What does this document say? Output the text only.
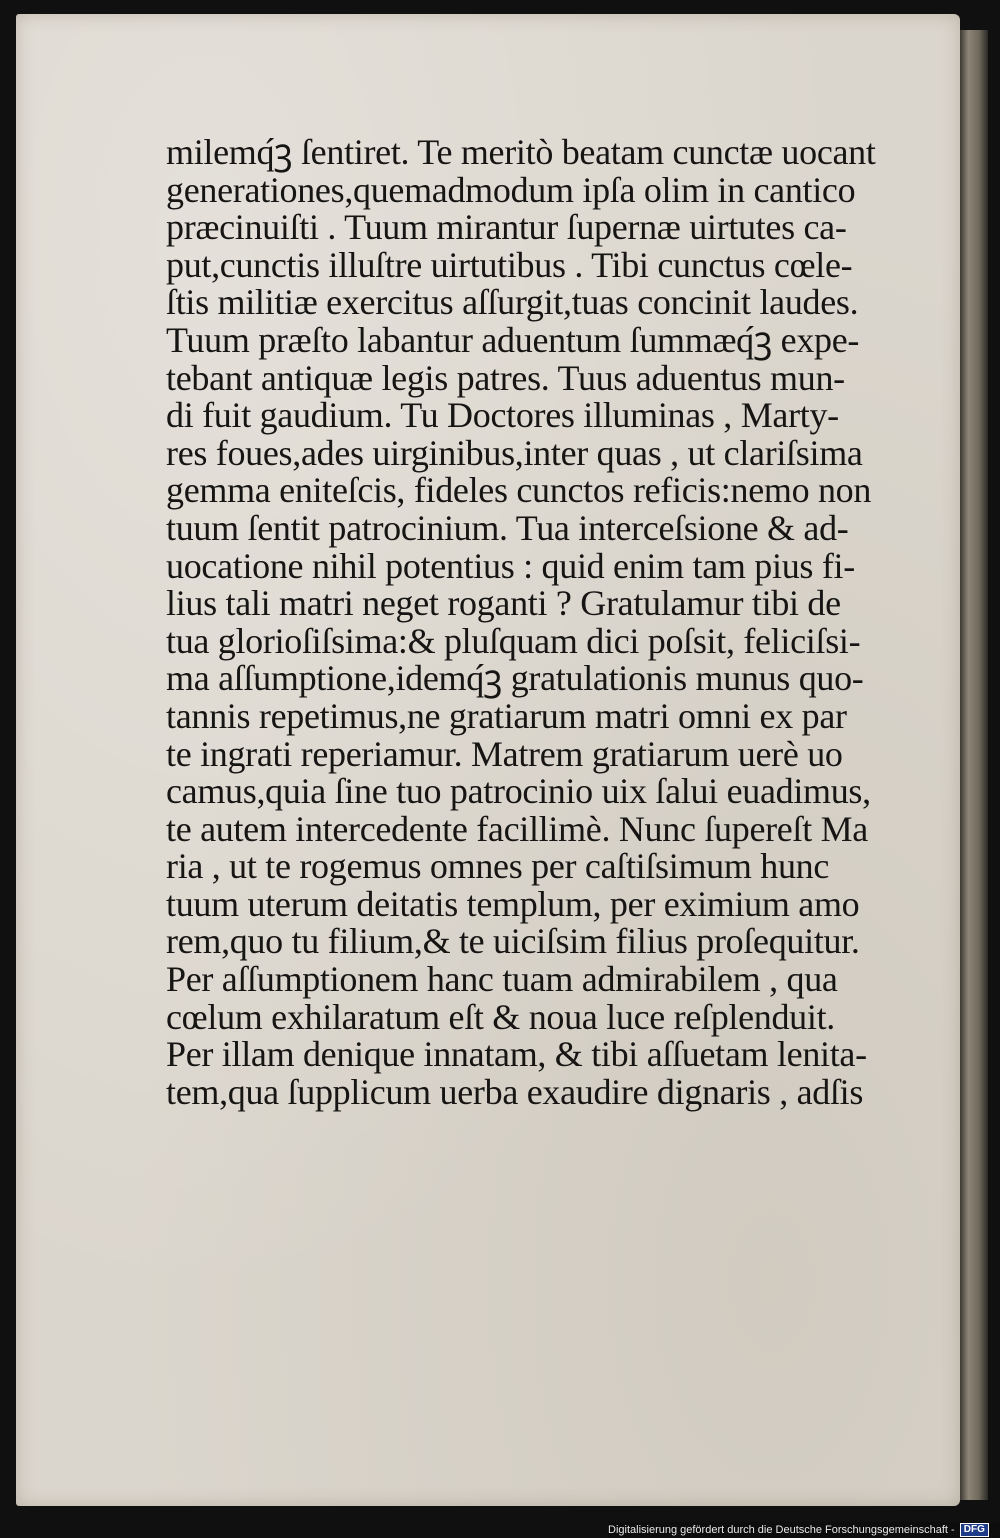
milemq́ꝫ ſentiret. Te meritò beatam cunctæ uocant
generationes,quemadmodum ipſa olim in cantico
præcinuiſti . Tuum mirantur ſupernæ uirtutes ca-
put,cunctis illuſtre uirtutibus . Tibi cunctus cœle-
ſtis militiæ exercitus aſſurgit,tuas concinit laudes.
Tuum præſto labantur aduentum ſummæq́ꝫ expe-
tebant antiquæ legis patres. Tuus aduentus mun-
di fuit gaudium. Tu Doctores illuminas , Marty-
res foues,ades uirginibus,inter quas , ut clariſsima
gemma eniteſcis, fideles cunctos reficis:nemo non
tuum ſentit patrocinium. Tua interceſsione & ad-
uocatione nihil potentius : quid enim tam pius fi-
lius tali matri neget roganti ? Gratulamur tibi de
tua glorioſiſsima:& pluſquam dici poſsit, feliciſsi-
ma aſſumptione,idemq́ꝫ gratulationis munus quo-
tannis repetimus,ne gratiarum matri omni ex par
te ingrati reperiamur. Matrem gratiarum uerè uo
camus,quia ſine tuo patrocinio uix ſalui euadimus,
te autem intercedente facillimè. Nunc ſupereſt Ma
ria , ut te rogemus omnes per caſtiſsimum hunc
tuum uterum deitatis templum, per eximium amo
rem,quo tu filium,& te uiciſsim filius proſequitur.
Per aſſumptionem hanc tuam admirabilem , qua
cœlum exhilaratum eſt & noua luce reſplenduit.
Per illam denique innatam, & tibi aſſuetam lenita-
tem,qua ſupplicum uerba exaudire dignaris , adſis
Digitalisierung gefördert durch die Deutsche Forschungsgemeinschaft - DFG
